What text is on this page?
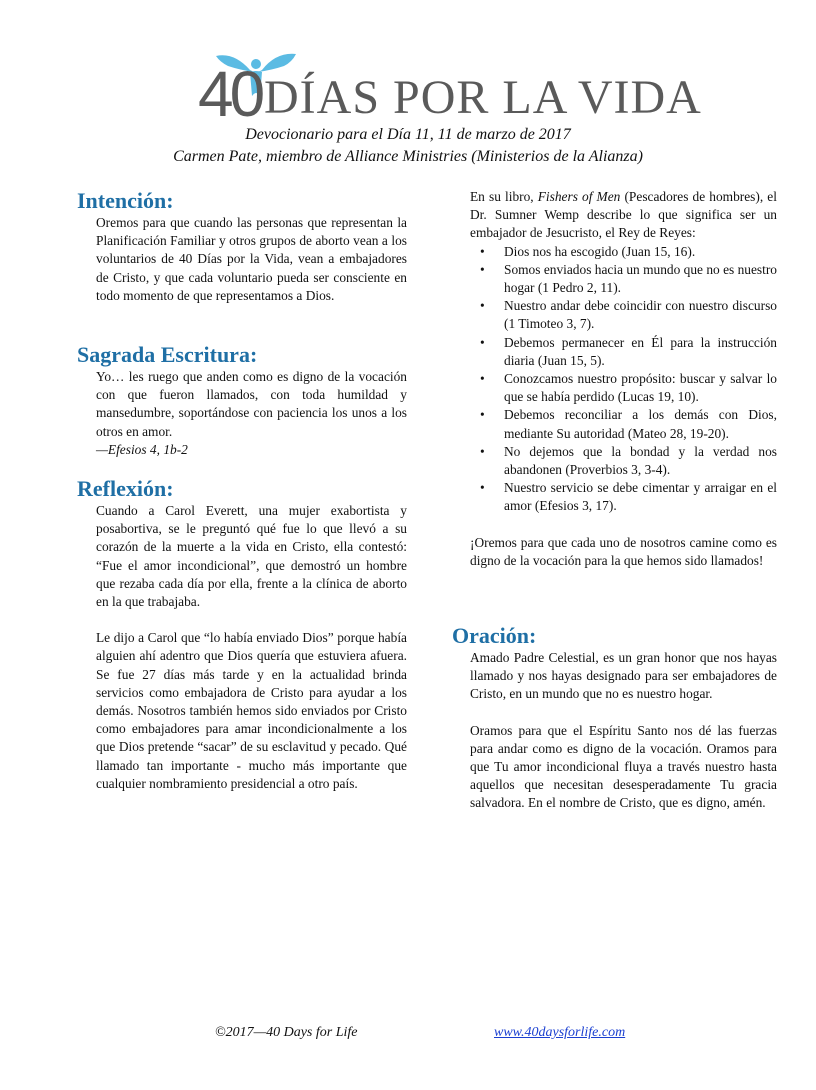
40 DÍAS POR LA VIDA
Devocionario para el Día 11, 11 de marzo de 2017
Carmen Pate, miembro de Alliance Ministries (Ministerios de la Alianza)
Intención:

Oremos para que cuando las personas que representan la Planificación Familiar y otros grupos de aborto vean a los voluntarios de 40 Días por la Vida, vean a embajadores de Cristo, y que cada voluntario pueda ser consciente en todo momento de que representamos a Dios.

Sagrada Escritura:

Yo… les ruego que anden como es digno de la vocación con que fueron llamados, con toda humildad y mansedumbre, soportándose con paciencia los unos a los otros en amor.

—Efesios 4, 1b-2

Reflexión:

Cuando a Carol Everett, una mujer exabortista y posabortiva, se le preguntó qué fue lo que llevó a su corazón de la muerte a la vida en Cristo, ella contestó: “Fue el amor incondicional”, que demostró un hombre que rezaba cada día por ella, frente a la clínica de aborto en la que trabajaba.

Le dijo a Carol que “lo había enviado Dios” porque había alguien ahí adentro que Dios quería que estuviera afuera. Se fue 27 días más tarde y en la actualidad brinda servicios como embajadora de Cristo para ayudar a los demás. Nosotros también hemos sido enviados por Cristo como embajadores para amar incondicionalmente a los que Dios pretende “sacar” de su esclavitud y pecado. Qué llamado tan importante - mucho más importante que cualquier nombramiento presidencial a otro país.

En su libro, Fishers of Men (Pescadores de hombres), el Dr. Sumner Wemp describe lo que significa ser un embajador de Jesucristo, el Rey de Reyes:

• Dios nos ha escogido (Juan 15, 16).
• Somos enviados hacia un mundo que no es nuestro hogar (1 Pedro 2, 11).
• Nuestro andar debe coincidir con nuestro discurso (1 Timoteo 3, 7).
• Debemos permanecer en Él para la instrucción diaria (Juan 15, 5).
• Conozcamos nuestro propósito: buscar y salvar lo que se había perdido (Lucas 19, 10).
• Debemos reconciliar a los demás con Dios, mediante Su autoridad (Mateo 28, 19-20).
• No dejemos que la bondad y la verdad nos abandonen (Proverbios 3, 3-4).
• Nuestro servicio se debe cimentar y arraigar en el amor (Efesios 3, 17).

¡Oremos para que cada uno de nosotros camine como es digno de la vocación para la que hemos sido llamados!

Oración:

Amado Padre Celestial, es un gran honor que nos hayas llamado y nos hayas designado para ser embajadores de Cristo, en un mundo que no es nuestro hogar.

Oramos para que el Espíritu Santo nos dé las fuerzas para andar como es digno de la vocación. Oramos para que Tu amor incondicional fluya a través nuestro hasta aquellos que necesitan desesperadamente Tu gracia salvadora. En el nombre de Cristo, que es digno, amén.

©2017—40 Days for Life	www.40daysforlife.com
